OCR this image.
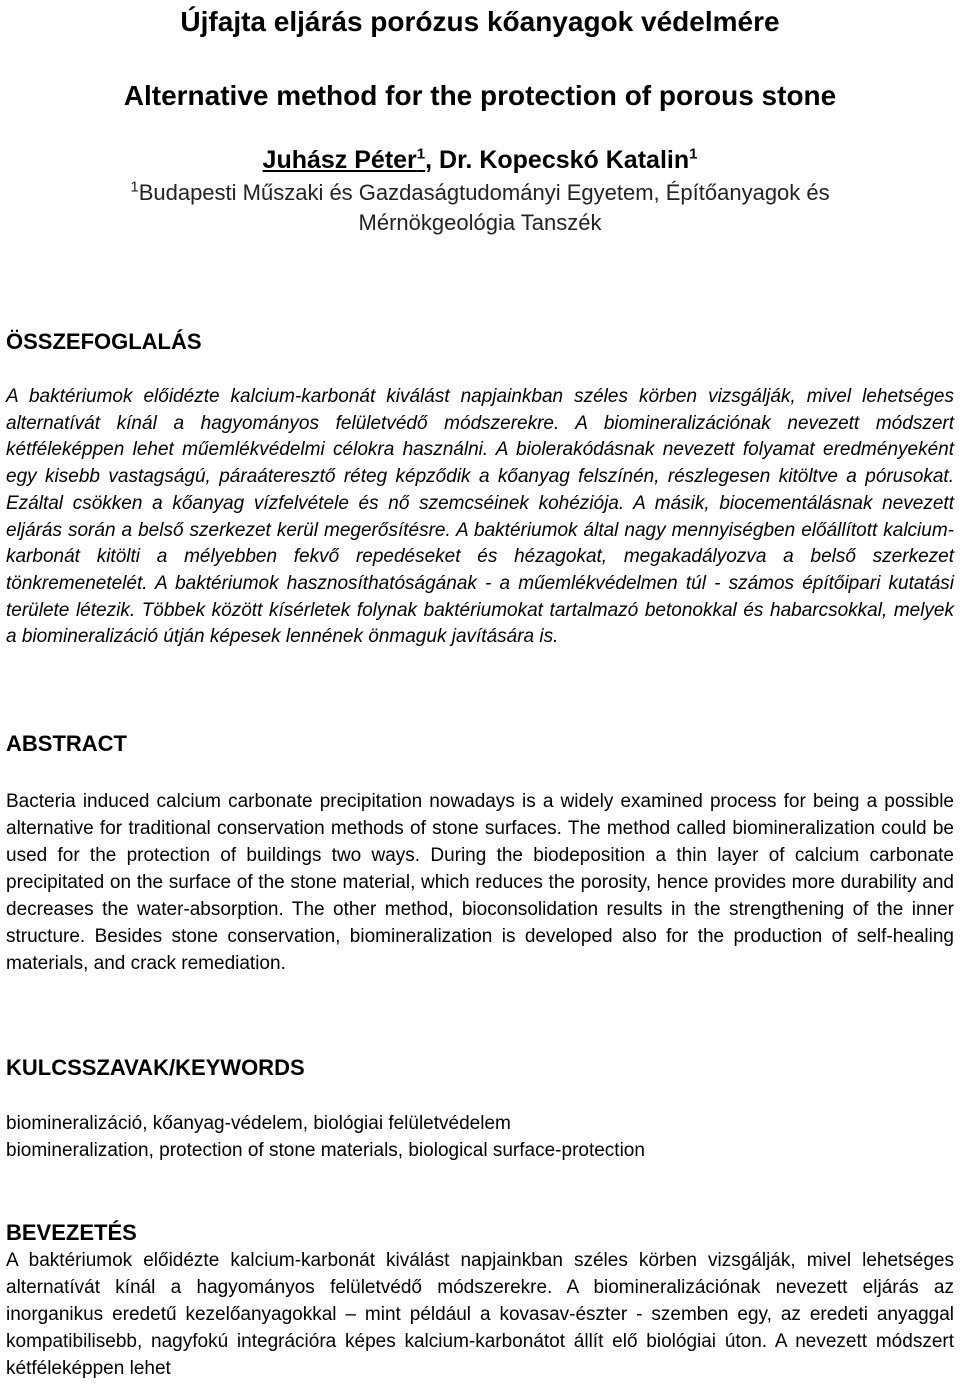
Újfajta eljárás porózus kőanyagok védelmére
Alternative method for the protection of porous stone
Juhász Péter$^1$, Dr. Kopecskó Katalin$^1$
$^1$Budapesti Műszaki és Gazdaságtudományi Egyetem, Építőanyagok és Mérnökgeológia Tanszék
ÖSSZEFOGLALÁS

A baktériumok előidézte kalcium-karbonát kiválást napjainkban széles körben vizsgálják, mivel lehetséges alternatívát kínál a hagyományos felületvédő módszerekre. A biomineralizációnak nevezett módszert kétféleképpen lehet műemlékvédelmi célokra használni. A biolerakódásnak nevezett folyamat eredményeként egy kisebb vastagságú, páraáteresztő réteg képződik a kőanyag felszínén, részlegesen kitöltve a pórusokat. Ezáltal csökken a kőanyag vízfelvétele és nő szemcséinek kohéziója. A másik, biocementálásnak nevezett eljárás során a belső szerkezet kerül megerősítésre. A baktériumok által nagy mennyiségben előállított kalcium-karbonát kitölti a mélyebben fekvő repedéseket és hézagokat, megakadályozva a belső szerkezet tönkremenetelét. A baktériumok hasznosíthatóságának - a műemlékvédelmen túl - számos építőipari kutatási területe létezik. Többek között kísérletek folynak baktériumokat tartalmazó betonokkal és habarcsokkal, melyek a biomineralizáció útján képesek lennének önmaguk javítására is.

ABSTRACT

Bacteria induced calcium carbonate precipitation nowadays is a widely examined process for being a possible alternative for traditional conservation methods of stone surfaces. The method called biomineralization could be used for the protection of buildings two ways. During the biodeposition a thin layer of calcium carbonate precipitated on the surface of the stone material, which reduces the porosity, hence provides more durability and decreases the water-absorption. The other method, bioconsolidation results in the strengthening of the inner structure. Besides stone conservation, biomineralization is developed also for the production of self-healing materials, and crack remediation.

KULCSSZAVAK/KEYWORDS

biomineralizáció, kőanyag-védelem, biológiai felületvédelem

biomineralization, protection of stone materials, biological surface-protection

BEVEZETÉS

A baktériumok előidézte kalcium-karbonát kiválást napjainkban széles körben vizsgálják, mivel lehetséges alternatívát kínál a hagyományos felületvédő módszerekre. A biomineralizációnak nevezett eljárás az inorganikus eredetű kezelőanyagokkal – mint például a kovasav-észter - szemben egy, az eredeti anyaggal kompatibilisebb, nagyfokú integrációra képes kalcium-karbonátot állít elő biológiai úton. A nevezett módszert kétféleképpen lehet
